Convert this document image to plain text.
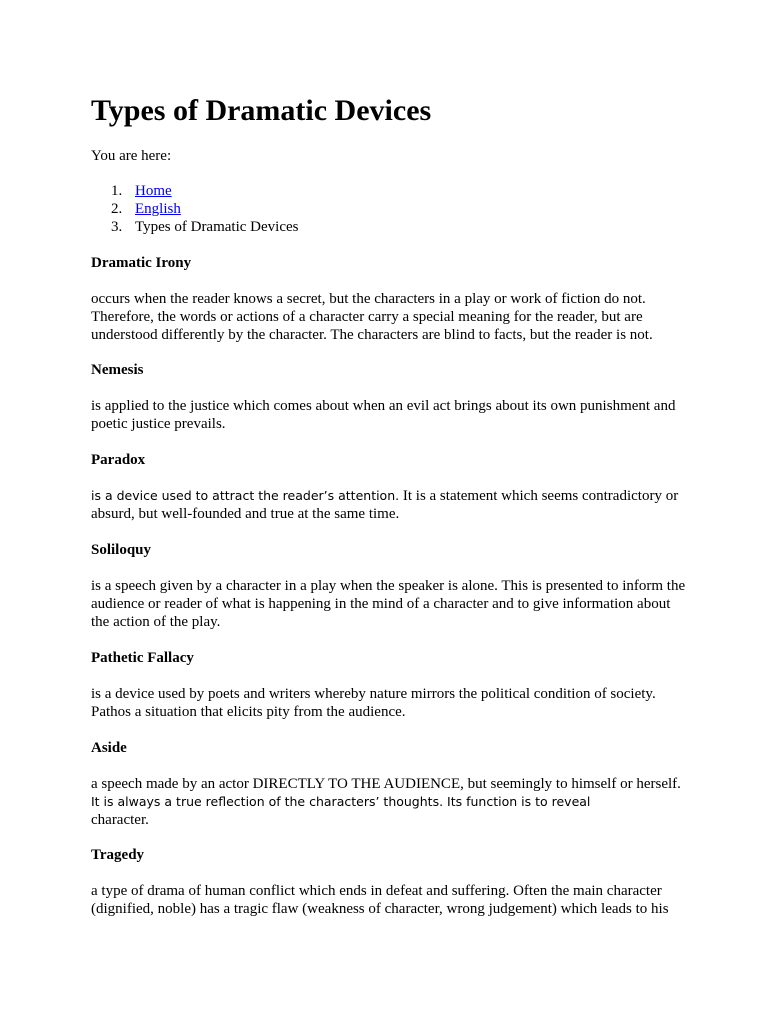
Types of Dramatic Devices

You are here:

1. Home
2. English
3. Types of Dramatic Devices

Dramatic Irony

occurs when the reader knows a secret, but the characters in a play or work of fiction do not. Therefore, the words or actions of a character carry a special meaning for the reader, but are understood differently by the character. The characters are blind to facts, but the reader is not.

Nemesis

is applied to the justice which comes about when an evil act brings about its own punishment and poetic justice prevails.

Paradox

is a device used to attract the reader’s attention. It is a statement which seems contradictory or absurd, but well-founded and true at the same time.

Soliloquy

is a speech given by a character in a play when the speaker is alone. This is presented to inform the audience or reader of what is happening in the mind of a character and to give information about the action of the play.

Pathetic Fallacy

is a device used by poets and writers whereby nature mirrors the political condition of society. Pathos a situation that elicits pity from the audience.

Aside

a speech made by an actor DIRECTLY TO THE AUDIENCE, but seemingly to himself or herself. It is always a true reflection of the characters’ thoughts. Its function is to reveal
character.

Tragedy

a type of drama of human conflict which ends in defeat and suffering. Often the main character (dignified, noble) has a tragic flaw (weakness of character, wrong judgement) which leads to his
